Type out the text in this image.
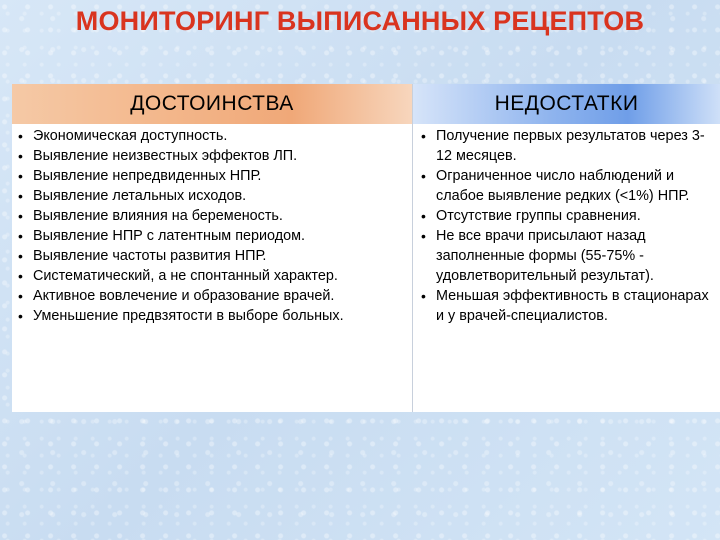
МОНИТОРИНГ ВЫПИСАННЫХ РЕЦЕПТОВ
ДОСТОИНСТВА
• Экономическая доступность.
• Выявление неизвестных эффектов ЛП.
• Выявление непредвиденных НПР.
• Выявление летальных исходов.
• Выявление влияния на беременость.
• Выявление НПР с латентным периодом.
• Выявление частоты развития НПР.
• Систематический, а не спонтанный характер.
• Активное вовлечение и образование врачей.
• Уменьшение предвзятости в выборе больных.
НЕДОСТАТКИ
• Получение первых результатов через 3-12 месяцев.
• Ограниченное число наблюдений и слабое выявление редких (<1%) НПР.
• Отсутствие группы сравнения.
• Не все врачи присылают назад заполненные формы (55-75% - удовлетворительный результат).
• Меньшая эффективность в стационарах и у врачей-специалистов.
